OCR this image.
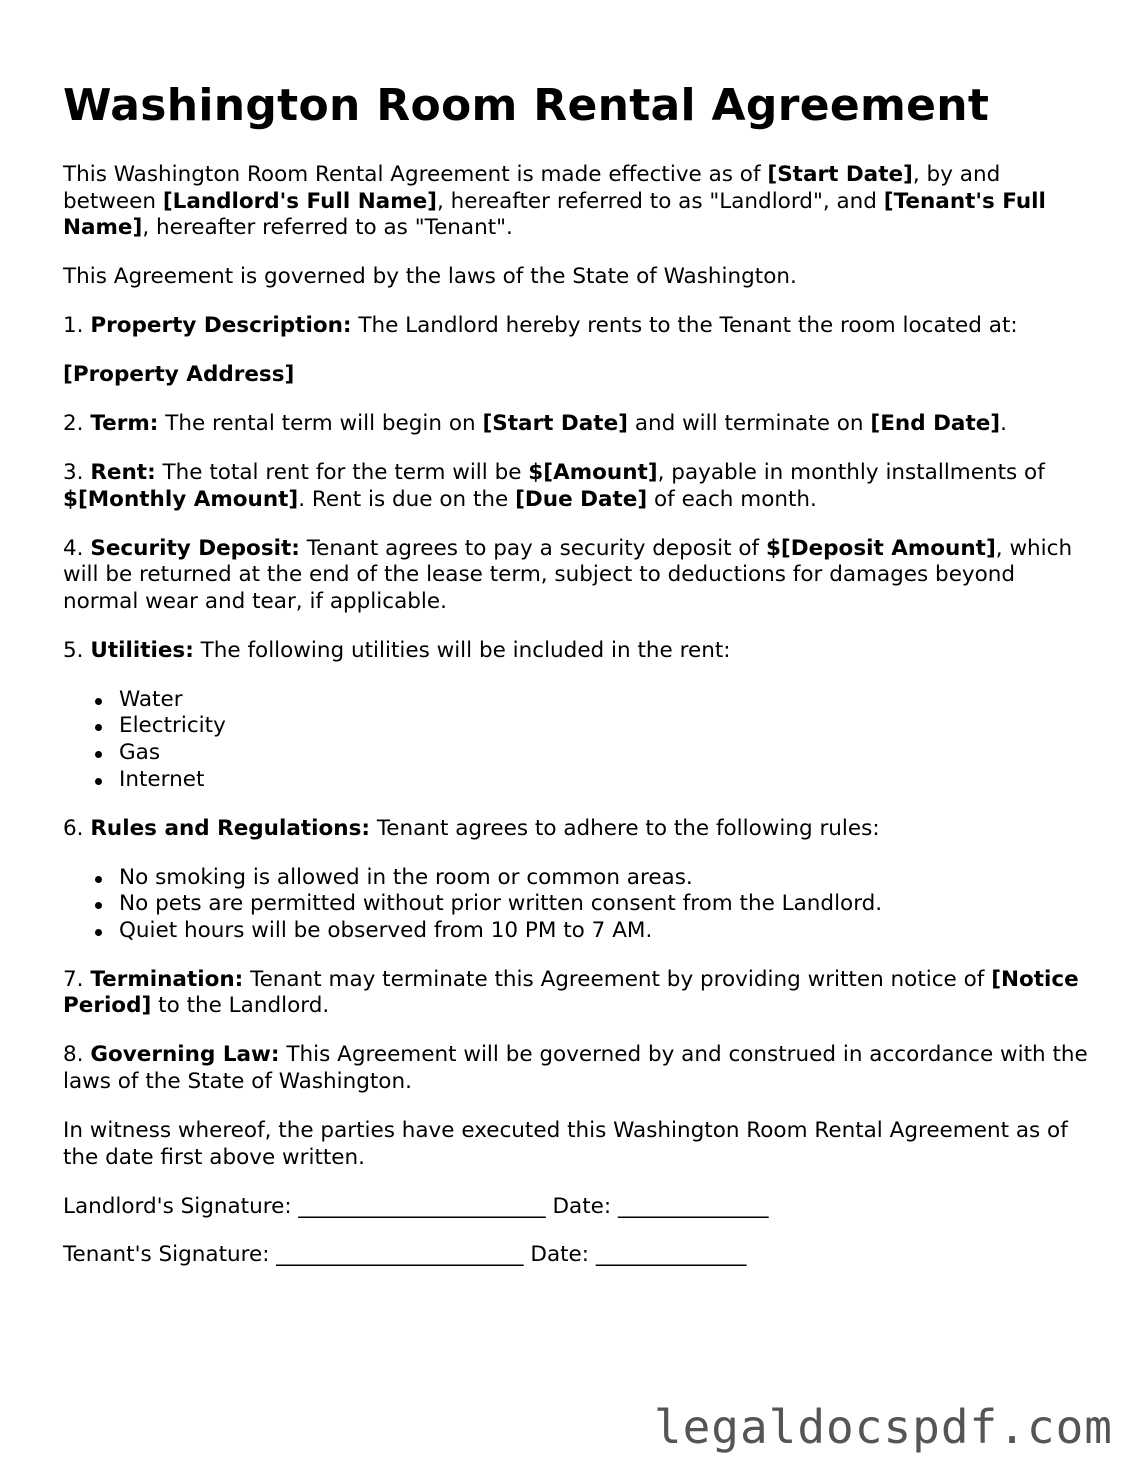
Washington Room Rental Agreement

This Washington Room Rental Agreement is made effective as of [Start Date], by and between [Landlord's Full Name], hereafter referred to as "Landlord", and [Tenant's Full Name], hereafter referred to as "Tenant".

This Agreement is governed by the laws of the State of Washington.

1. Property Description: The Landlord hereby rents to the Tenant the room located at:

[Property Address]

2. Term: The rental term will begin on [Start Date] and will terminate on [End Date].

3. Rent: The total rent for the term will be $[Amount], payable in monthly installments of $[Monthly Amount]. Rent is due on the [Due Date] of each month.

4. Security Deposit: Tenant agrees to pay a security deposit of $[Deposit Amount], which will be returned at the end of the lease term, subject to deductions for damages beyond normal wear and tear, if applicable.

5. Utilities: The following utilities will be included in the rent:

Water
Electricity
Gas
Internet

6. Rules and Regulations: Tenant agrees to adhere to the following rules:

No smoking is allowed in the room or common areas.
No pets are permitted without prior written consent from the Landlord.
Quiet hours will be observed from 10 PM to 7 AM.

7. Termination: Tenant may terminate this Agreement by providing written notice of [Notice Period] to the Landlord.

8. Governing Law: This Agreement will be governed by and construed in accordance with the laws of the State of Washington.

In witness whereof, the parties have executed this Washington Room Rental Agreement as of the date first above written.

Landlord's Signature: _______________________ Date: ______________

Tenant's Signature: _______________________ Date: ______________

legaldocspdf.com
